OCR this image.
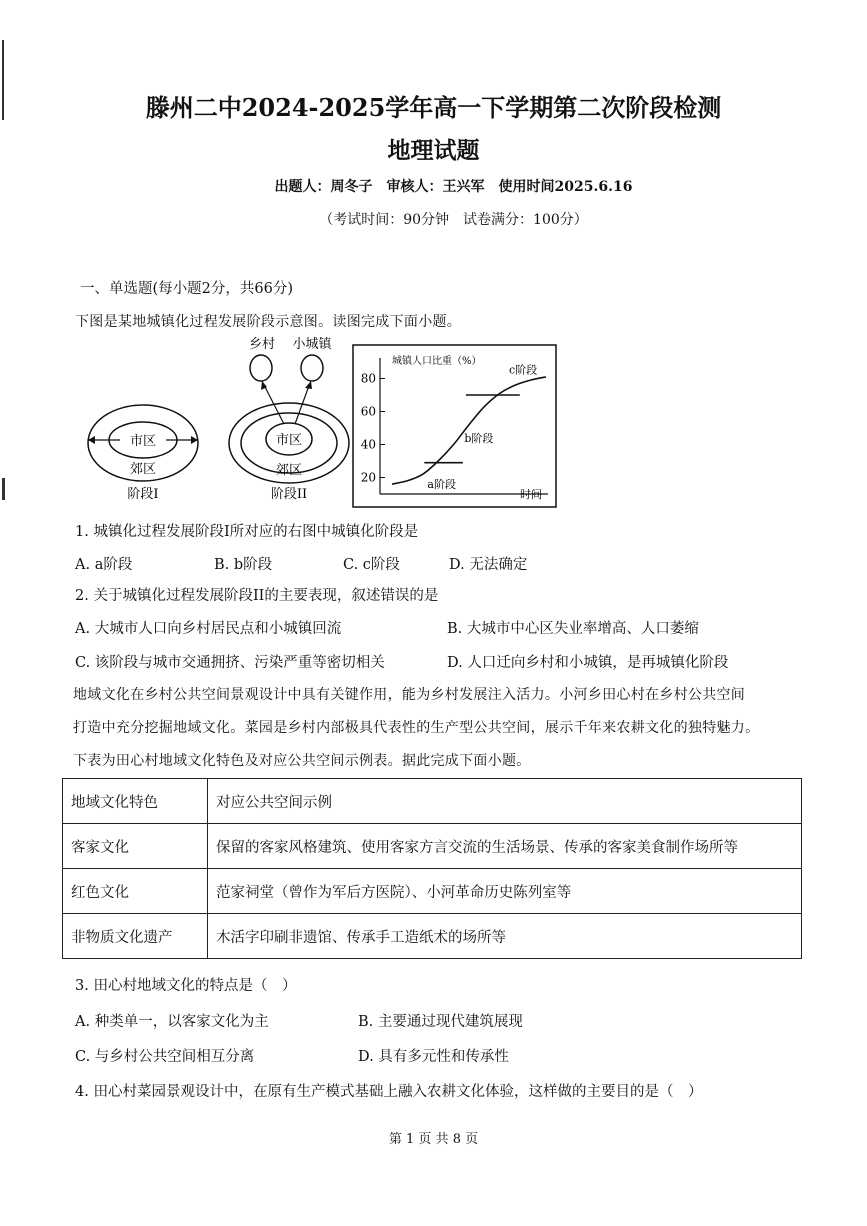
滕州二中2024-2025学年高一下学期第二次阶段检测
地理试题
出题人：周冬子　审核人：王兴军　使用时间2025.6.16
（考试时间：90分钟　试卷满分：100分）
一、单选题(每小题2分，共66分)
下图是某地城镇化过程发展阶段示意图。读图完成下面小题。
市区
郊区
阶段I
乡村 小城镇
市区
郊区
阶段II
城镇人口比重（%）
时间
20
40
60
80
a阶段
b阶段
c阶段
1. 城镇化过程发展阶段I所对应的右图中城镇化阶段是
A. a阶段	B. b阶段	C. c阶段	D. 无法确定
2. 关于城镇化过程发展阶段II的主要表现，叙述错误的是
A. 大城市人口向乡村居民点和小城镇回流	B. 大城市中心区失业率增高、人口萎缩
C. 该阶段与城市交通拥挤、污染严重等密切相关	D. 人口迁向乡村和小城镇，是再城镇化阶段
地域文化在乡村公共空间景观设计中具有关键作用，能为乡村发展注入活力。小河乡田心村在乡村公共空间
打造中充分挖掘地域文化。菜园是乡村内部极具代表性的生产型公共空间，展示千年来农耕文化的独特魅力。
下表为田心村地域文化特色及对应公共空间示例表。据此完成下面小题。
地域文化特色	对应公共空间示例
客家文化	保留的客家风格建筑、使用客家方言交流的生活场景、传承的客家美食制作场所等
红色文化	范家祠堂（曾作为军后方医院）、小河革命历史陈列室等
非物质文化遗产	木活字印刷非遗馆、传承手工造纸术的场所等
3. 田心村地域文化的特点是（　）
A. 种类单一，以客家文化为主	B. 主要通过现代建筑展现
C. 与乡村公共空间相互分离	D. 具有多元性和传承性
4. 田心村菜园景观设计中，在原有生产模式基础上融入农耕文化体验，这样做的主要目的是（　）
第 1 页 共 8 页
